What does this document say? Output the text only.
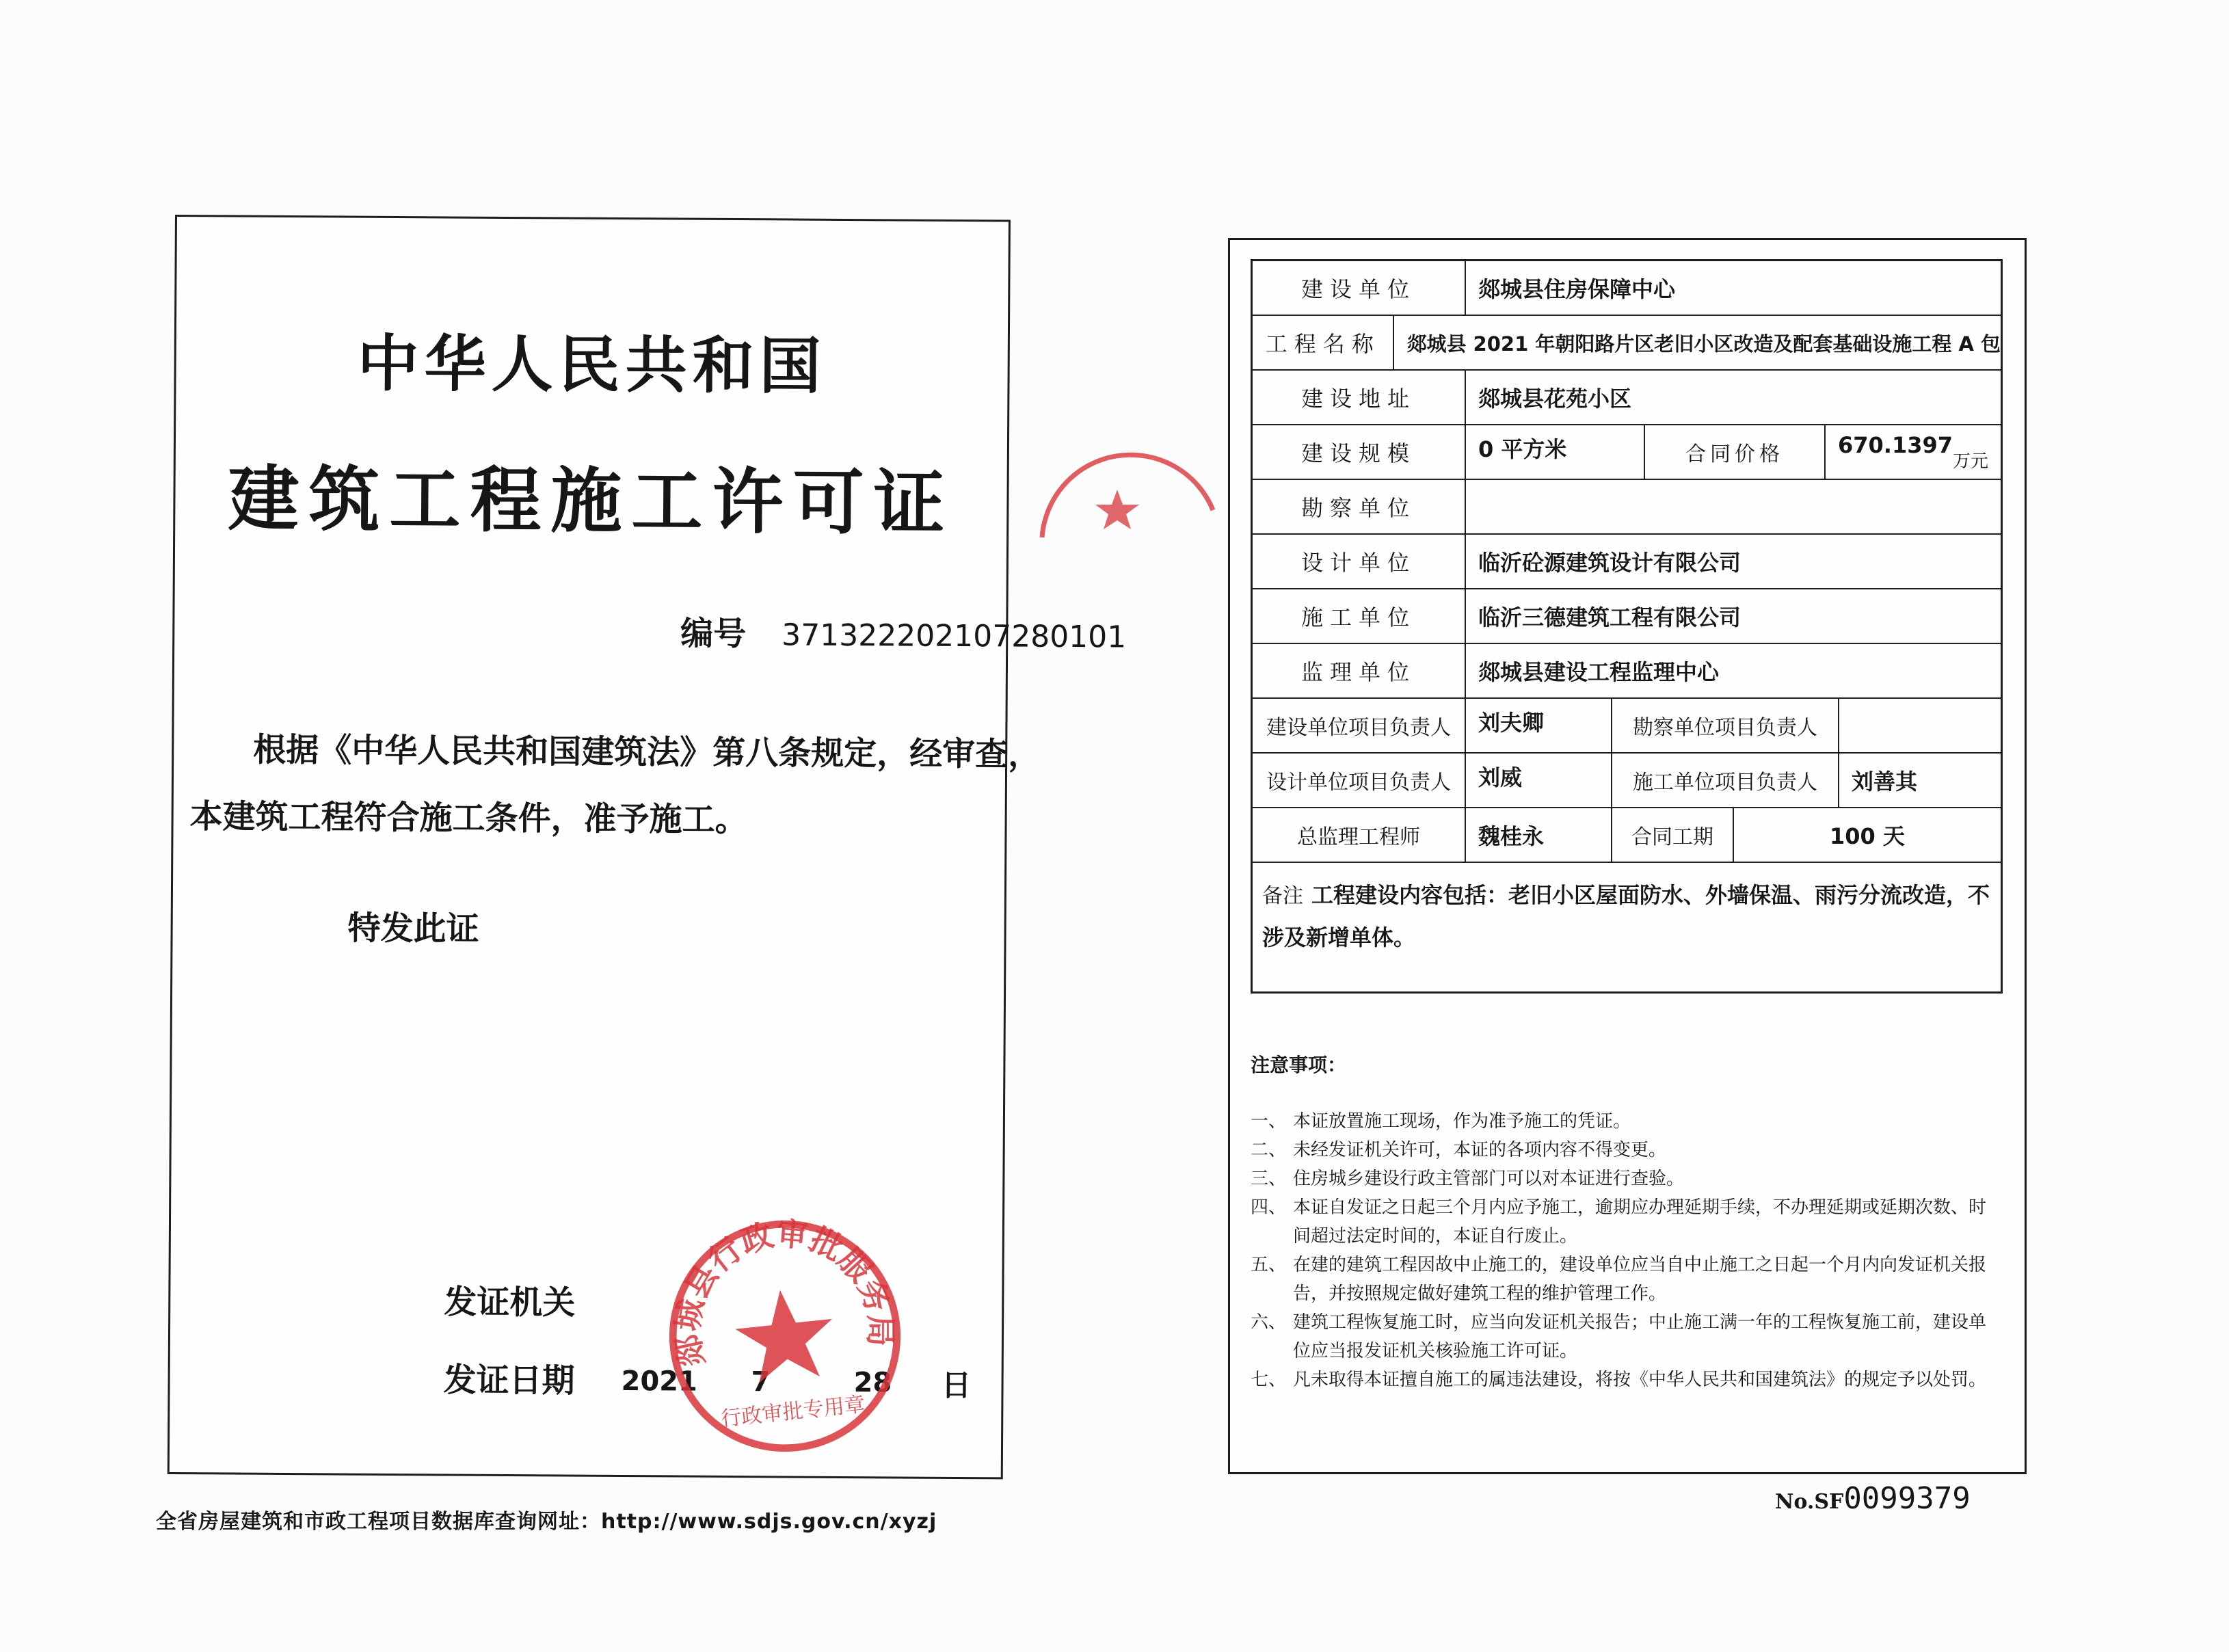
中华人民共和国
建筑工程施工许可证
编号 371322202107280101
根据《中华人民共和国建筑法》第八条规定，经审查，
本建筑工程符合施工条件，准予施工。
特发此证
发证机关
发证日期 2021 7	28 日
郯城县行政审批服务局
行政审批专用章
全省房屋建筑和市政工程项目数据库查询网址：http://www.sdjs.gov.cn/xyzj
建设单位	郯城县住房保障中心
工程名称	郯城县 2021 年朝阳路片区老旧小区改造及配套基础设施工程 A 包
建设地址	郯城县花苑小区
建设规模	0 平方米	合同价格	670.1397
万元
勘察单位
设计单位	临沂砼源建筑设计有限公司
施工单位	临沂三德建筑工程有限公司
监理单位	郯城县建设工程监理中心
建设单位项目负责人	刘夫卿	勘察单位项目负责人
设计单位项目负责人	刘威	施工单位项目负责人	刘善其
总监理工程师	魏桂永	合同工期	100 天
备注 工程建设内容包括：老旧小区屋面防水、外墙保温、雨污分流改造，不涉及新增单体。
注意事项：
一、 本证放置施工现场，作为准予施工的凭证。
二、 未经发证机关许可，本证的各项内容不得变更。
三、 住房城乡建设行政主管部门可以对本证进行查验。
四、 本证自发证之日起三个月内应予施工，逾期应办理延期手续，不办理延期或延期次数、时间超过法定时间的，本证自行废止。
五、 在建的建筑工程因故中止施工的，建设单位应当自中止施工之日起一个月内向发证机关报告，并按照规定做好建筑工程的维护管理工作。
六、 建筑工程恢复施工时，应当向发证机关报告；中止施工满一年的工程恢复施工前，建设单位应当报发证机关核验施工许可证。
七、 凡未取得本证擅自施工的属违法建设，将按《中华人民共和国建筑法》的规定予以处罚。
No.SF0099379
